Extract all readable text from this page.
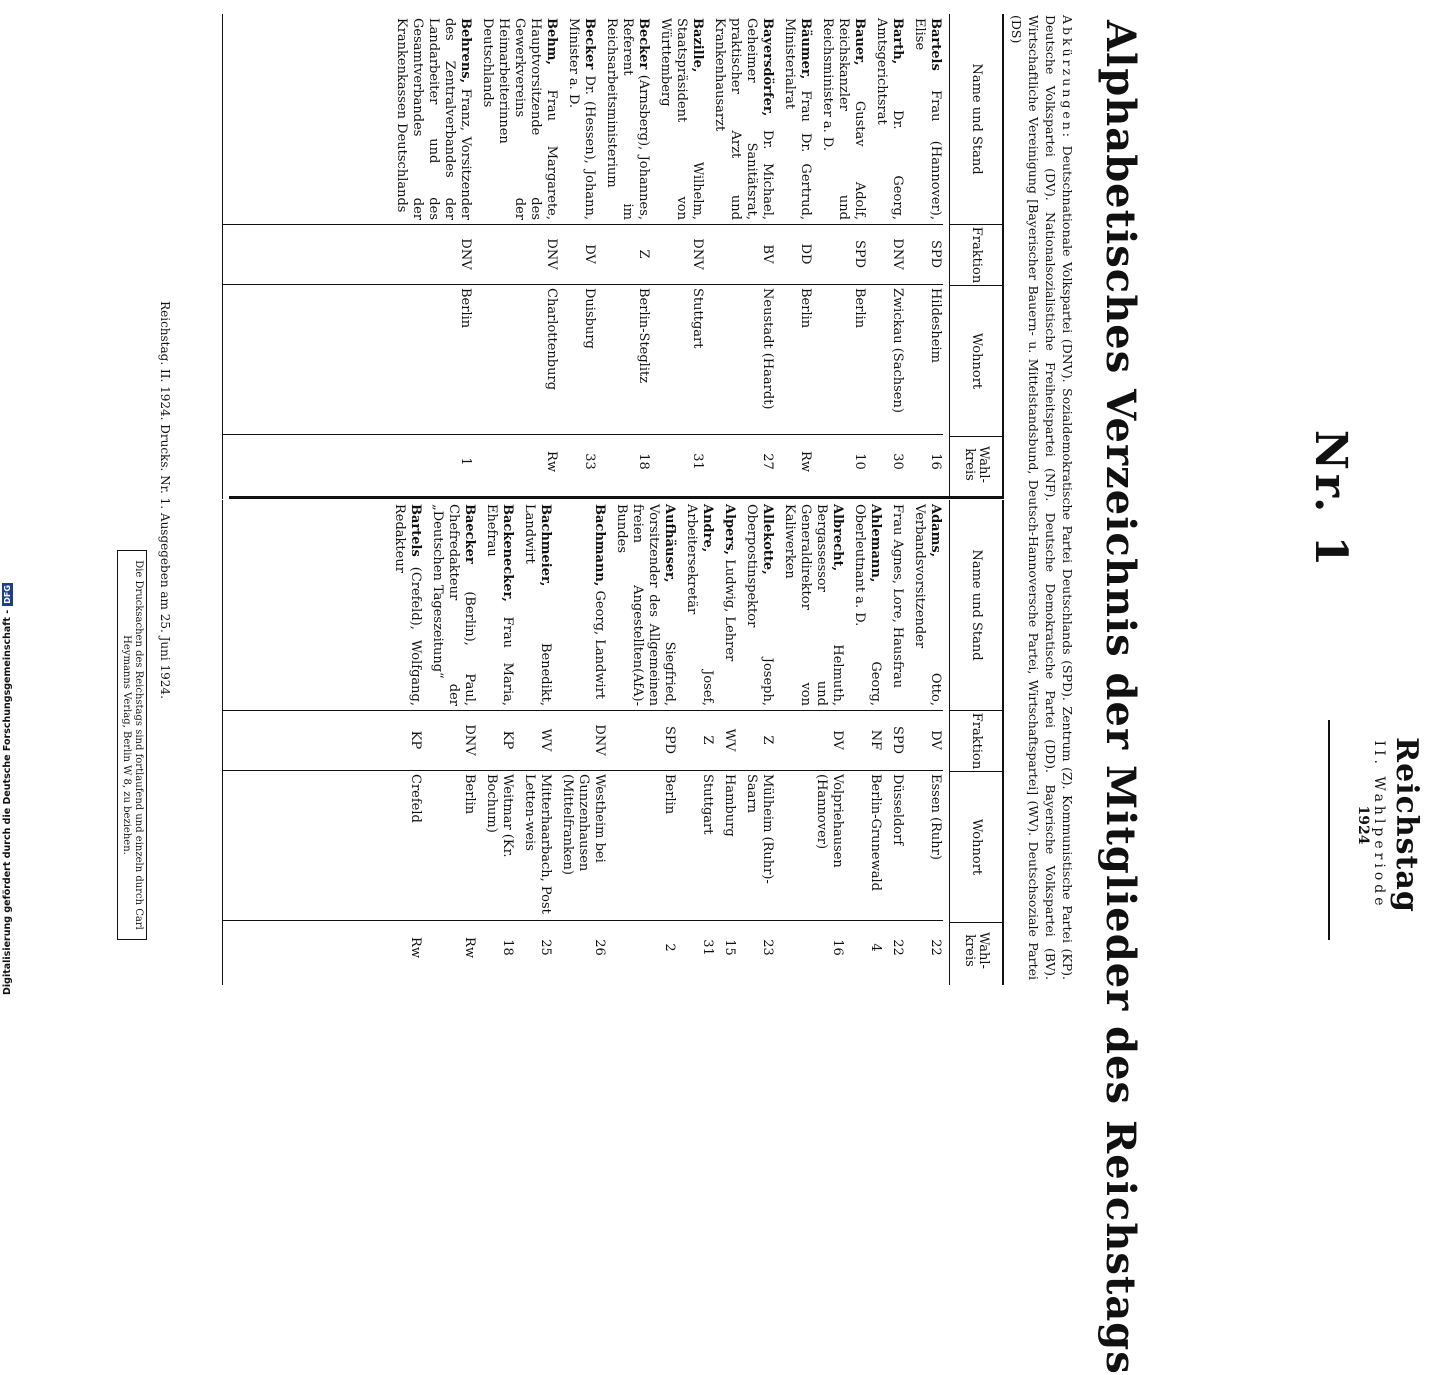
Reichstag
II. Wahlperiode
1924
Nr. 1
Alphabetisches Verzeichnis der Mitglieder des Reichstags
Abkürzungen: Deutschnationale Volkspartei (DNV). Sozialdemokratische Partei Deutschlands (SPD). Zentrum (Z). Kommunistische Partei (KP). Deutsche Volkspartei (DV). Nationalsozialistische Freiheitspartei (NF). Deutsche Demokratische Partei (DD). Bayerische Volkspartei (BV). Wirtschaftliche Vereinigung [Bayerischer Bauern- u. Mittelstandsbund, Deutsch-Hannoversche Partei, Wirtschaftspartei] (WV). Deutschsoziale Partei (DS)
Name und Stand
Fraktion
Wohnort
Wahl-kreis
Bartels Frau (Hannover), Elise
SPD
Hildesheim
16
Barth, Dr. Georg, Amtsgerichtsrat
DNV
Zwickau (Sachsen)
30
Bauer, Gustav Adolf, Reichskanzler und Reichsminister a. D.
SPD
Berlin
10
Bäumer, Frau Dr. Gertrud, Ministerialrat
DD
Berlin
Rw
Bayersdörfer, Dr. Michael, Geheimer Sanitätsrat, praktischer Arzt und Krankenhausarzt
BV
Neustadt (Haardt)
27
Bazille, Wilhelm, Staatspräsident von Württemberg
DNV
Stuttgart
31
Becker (Arnsberg), Johannes, Referent im Reichsarbeitsministerium
Z
Berlin-Steglitz
18
Becker Dr. (Hessen), Johann, Minister a. D.
DV
Duisburg
33
Behm, Frau Margarete, Hauptvorsitzende des Gewerkvereins der Heimarbeiterinnen Deutschlands
DNV
Charlottenburg
Rw
Behrens, Franz, Vorsitzender des Zentralverbandes der Landarbeiter und des Gesamtverbandes der Krankenkassen Deutschlands
DNV
Berlin
1
Name und Stand
Fraktion
Wohnort
Wahl-kreis
Adams, Otto, Verbandsvorsitzender
DV
Essen (Ruhr)
22
Frau Agnes, Lore, Hausfrau
SPD
Düsseldorf
22
Ahlemann, Georg, Oberleutnant a. D.
NF
Berlin-Grunewald
4
Albrecht, Helmuth, Bergassessor und Generaldirektor von Kaliwerken
DV
Volpriehausen (Hannover)
16
Allekotte, Joseph, Oberpostinspektor
Z
Mülheim (Ruhr)-Saarn
23
Alpers, Ludwig, Lehrer
WV
Hamburg
15
Andre, Josef, Arbeitersekretär
Z
Stuttgart
31
Aufhäuser, Siegfried, Vorsitzender des Allgemeinen freien Angestellten(AfA)-Bundes
SPD
Berlin
2
Bachmann, Georg, Landwirt
DNV
Westheim bei Gunzenhausen (Mittelfranken)
26
Bachmeier, Benedikt, Landwirt
WV
Mitterhaarbach, Post Letten-weis
25
Backenecker, Frau Maria, Ehefrau
KP
Weitmar (Kr. Bochum)
18
Baecker (Berlin), Paul, Chefredakteur der „Deutschen Tageszeitung“
DNV
Berlin
Rw
Bartels (Crefeld), Wolfgang, Redakteur
KP
Crefeld
Rw
Reichstag. II. 1924. Drucks. Nr. 1. Ausgegeben am 25. Juni 1924.
Die Drucksachen des Reichstags sind fortlaufend und einzeln durch Carl Heymanns Verlag, Berlin W 8, zu beziehen.
Digitalisierung gefördert durch die Deutsche Forschungsgemeinschaft -
DFG
